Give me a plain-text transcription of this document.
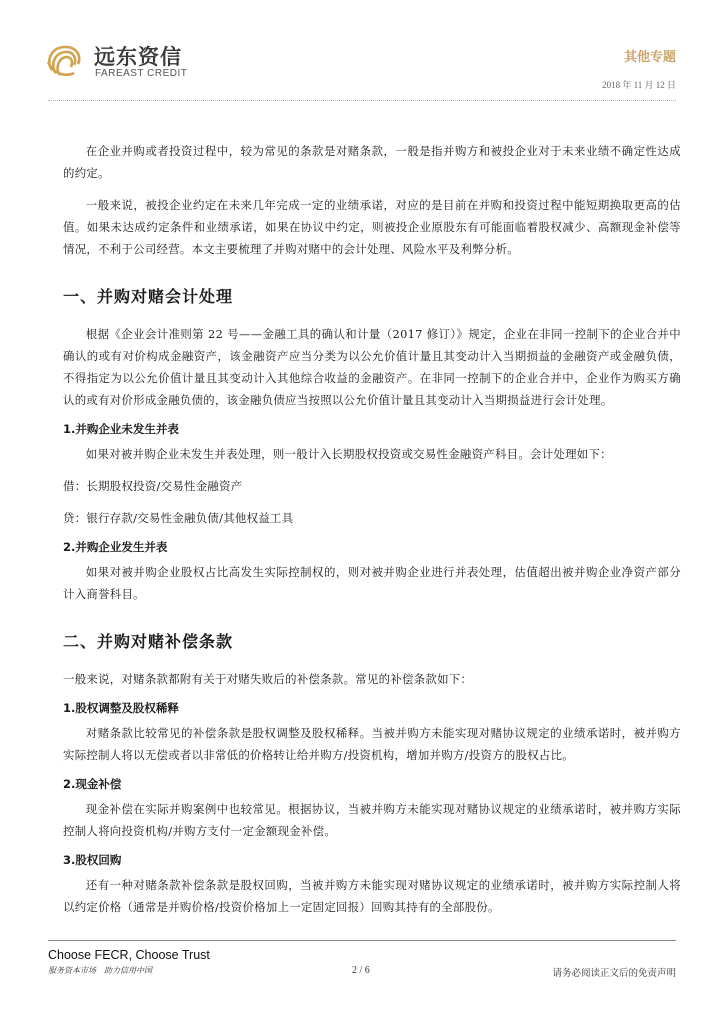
远东资信
FAREAST CREDIT
其他专题
2018 年 11 月 12 日

在企业并购或者投资过程中，较为常见的条款是对赌条款，一般是指并购方和被投企业对于未来业绩不确定性达成的约定。

一般来说，被投企业约定在未来几年完成一定的业绩承诺，对应的是目前在并购和投资过程中能短期换取更高的估值。如果未达成约定条件和业绩承诺，如果在协议中约定，则被投企业原股东有可能面临着股权减少、高额现金补偿等情况，不利于公司经营。本文主要梳理了并购对赌中的会计处理、风险水平及利弊分析。

一、并购对赌会计处理

根据《企业会计准则第 22 号——金融工具的确认和计量（2017 修订）》规定，企业在非同一控制下的企业合并中确认的或有对价构成金融资产，该金融资产应当分类为以公允价值计量且其变动计入当期损益的金融资产或金融负债，不得指定为以公允价值计量且其变动计入其他综合收益的金融资产。在非同一控制下的企业合并中，企业作为购买方确认的或有对价形成金融负债的，该金融负债应当按照以公允价值计量且其变动计入当期损益进行会计处理。

1.并购企业未发生并表

如果对被并购企业未发生并表处理，则一般计入长期股权投资或交易性金融资产科目。会计处理如下：

借：长期股权投资/交易性金融资产

贷：银行存款/交易性金融负债/其他权益工具

2.并购企业发生并表

如果对被并购企业股权占比高发生实际控制权的，则对被并购企业进行并表处理，估值超出被并购企业净资产部分计入商誉科目。

二、并购对赌补偿条款

一般来说，对赌条款都附有关于对赌失败后的补偿条款。常见的补偿条款如下：

1.股权调整及股权稀释

对赌条款比较常见的补偿条款是股权调整及股权稀释。当被并购方未能实现对赌协议规定的业绩承诺时，被并购方实际控制人将以无偿或者以非常低的价格转让给并购方/投资机构，增加并购方/投资方的股权占比。

2.现金补偿

现金补偿在实际并购案例中也较常见。根据协议，当被并购方未能实现对赌协议规定的业绩承诺时，被并购方实际控制人将向投资机构/并购方支付一定金额现金补偿。

3.股权回购

还有一种对赌条款补偿条款是股权回购，当被并购方未能实现对赌协议规定的业绩承诺时，被并购方实际控制人将以约定价格（通常是并购价格/投资价格加上一定固定回报）回购其持有的全部股份。

Choose FECR, Choose Trust
服务资本市场　助力信用中国	2 / 6	请务必阅读正文后的免责声明
